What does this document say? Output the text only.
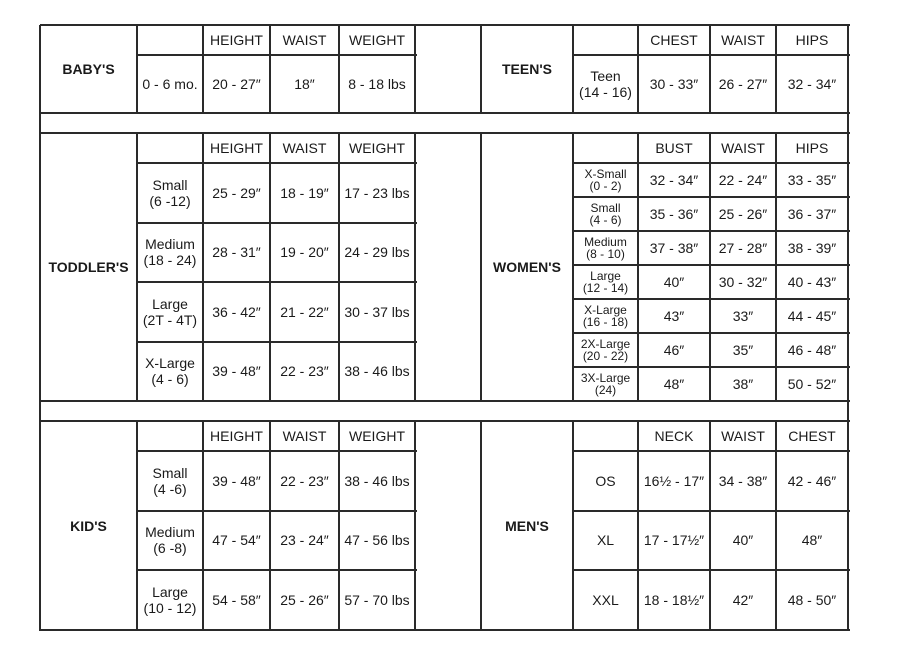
BABY'S
HEIGHT	WAIST	WEIGHT
0 - 6 mo.	20 - 27″	18″	8 - 18 lbs
TEEN'S
CHEST	WAIST	HIPS
Teen
(14 - 16)	30 - 33″	26 - 27″	32 - 34″
TODDLER'S
HEIGHT	WAIST	WEIGHT
Small
(6 -12)	25 - 29″	18 - 19″	17 - 23 lbs
Medium
(18 - 24)	28 - 31″	19 - 20″	24 - 29 lbs
Large
(2T - 4T)	36 - 42″	21 - 22″	30 - 37 lbs
X-Large
(4 - 6)	39 - 48″	22 - 23″	38 - 46 lbs
WOMEN'S
BUST	WAIST	HIPS
X-Small
(0 - 2)	32 - 34″	22 - 24″	33 - 35″
Small
(4 - 6)	35 - 36″	25 - 26″	36 - 37″
Medium
(8 - 10)	37 - 38″	27 - 28″	38 - 39″
Large
(12 - 14)	40″	30 - 32″	40 - 43″
X-Large
(16 - 18)	43″	33″	44 - 45″
2X-Large
(20 - 22)	46″	35″	46 - 48″
3X-Large
(24)	48″	38″	50 - 52″
KID'S
HEIGHT	WAIST	WEIGHT
Small
(4 -6)	39 - 48″	22 - 23″	38 - 46 lbs
Medium
(6 -8)	47 - 54″	23 - 24″	47 - 56 lbs
Large
(10 - 12)	54 - 58″	25 - 26″	57 - 70 lbs
MEN'S
NECK	WAIST	CHEST
OS	16½ - 17″	34 - 38″	42 - 46″
XL	17 - 17½″	40″	48″
XXL	18 - 18½″	42″	48 - 50″
